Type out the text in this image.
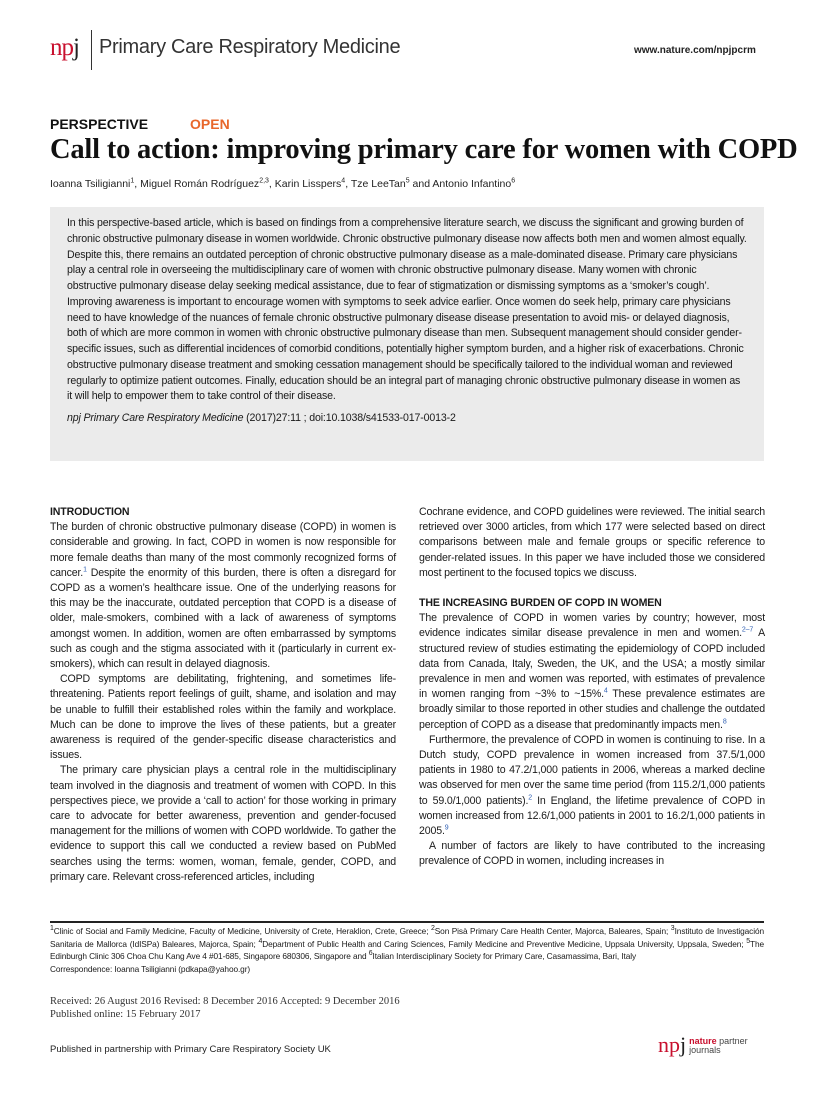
npj Primary Care Respiratory Medicine	www.nature.com/npjpcrm
PERSPECTIVE	OPEN
Call to action: improving primary care for women with COPD
Ioanna Tsiligianni$^1$, Miguel Román Rodríguez$^{2,3}$, Karin Lisspers$^4$, Tze LeeTan$^5$ and Antonio Infantino$^6$

In this perspective-based article, which is based on findings from a comprehensive literature search, we discuss the significant and growing burden of chronic obstructive pulmonary disease in women worldwide. Chronic obstructive pulmonary disease now affects both men and women almost equally. Despite this, there remains an outdated perception of chronic obstructive pulmonary disease as a male-dominated disease. Primary care physicians play a central role in overseeing the multidisciplinary care of women with chronic obstructive pulmonary disease. Many women with chronic obstructive pulmonary disease delay seeking medical assistance, due to fear of stigmatization or dismissing symptoms as a ‘smoker’s cough’. Improving awareness is important to encourage women with symptoms to seek advice earlier. Once women do seek help, primary care physicians need to have knowledge of the nuances of female chronic obstructive pulmonary disease disease presentation to avoid mis- or delayed diagnosis, both of which are more common in women with chronic obstructive pulmonary disease than men. Subsequent management should consider gender-specific issues, such as differential incidences of comorbid conditions, potentially higher symptom burden, and a higher risk of exacerbations. Chronic obstructive pulmonary disease treatment and smoking cessation management should be specifically tailored to the individual woman and reviewed regularly to optimize patient outcomes. Finally, education should be an integral part of managing chronic obstructive pulmonary disease in women as it will help to empower them to take control of their disease.

npj Primary Care Respiratory Medicine (2017)27:11 ; doi:10.1038/s41533-017-0013-2

INTRODUCTION

The burden of chronic obstructive pulmonary disease (COPD) in women is considerable and growing. In fact, COPD in women is now responsible for more female deaths than many of the most commonly recognized forms of cancer.$^1$ Despite the enormity of this burden, there is often a disregard for COPD as a women’s healthcare issue. One of the underlying reasons for this may be the inaccurate, outdated perception that COPD is a disease of older, male-smokers, combined with a lack of awareness of symptoms amongst women. In addition, women are often embarrassed by symptoms such as cough and the stigma associated with it (particularly in current ex-smokers), which can result in delayed diagnosis.

COPD symptoms are debilitating, frightening, and sometimes life-threatening. Patients report feelings of guilt, shame, and isolation and may be unable to fulfill their established roles within the family and workplace. Much can be done to improve the lives of these patients, but a greater awareness is required of the gender-specific disease characteristics and issues.

The primary care physician plays a central role in the multidisciplinary team involved in the diagnosis and treatment of women with COPD. In this perspectives piece, we provide a ‘call to action’ for those working in primary care to advocate for better awareness, prevention and gender-focused management for the millions of women with COPD worldwide. To gather the evidence to support this call we conducted a review based on PubMed searches using the terms: women, woman, female, gender, COPD, and primary care. Relevant cross-referenced articles, including

Cochrane evidence, and COPD guidelines were reviewed. The initial search retrieved over 3000 articles, from which 177 were selected based on direct comparisons between male and female groups or specific reference to gender-related issues. In this paper we have included those we considered most pertinent to the focused topics we discuss.

THE INCREASING BURDEN OF COPD IN WOMEN

The prevalence of COPD in women varies by country; however, most evidence indicates similar disease prevalence in men and women.$^{2-7}$ A structured review of studies estimating the epidemiology of COPD included data from Canada, Italy, Sweden, the UK, and the USA; a mostly similar prevalence in men and women was reported, with estimates of prevalence in women ranging from ~3% to ~15%.$^4$ These prevalence estimates are broadly similar to those reported in other studies and challenge the outdated perception of COPD as a disease that predominantly impacts men.$^8$

Furthermore, the prevalence of COPD in women is continuing to rise. In a Dutch study, COPD prevalence in women increased from 37.5/1,000 patients in 1980 to 47.2/1,000 patients in 2006, whereas a marked decline was observed for men over the same time period (from 115.2/1,000 patients to 59.0/1,000 patients).$^2$ In England, the lifetime prevalence of COPD in women increased from 12.6/1,000 patients in 2001 to 16.2/1,000 patients in 2005.$^9$

A number of factors are likely to have contributed to the increasing prevalence of COPD in women, including increases in

$^1$Clinic of Social and Family Medicine, Faculty of Medicine, University of Crete, Heraklion, Crete, Greece; $^2$Son Pisà Primary Care Health Center, Majorca, Baleares, Spain; $^3$Instituto de Investigación Sanitaria de Mallorca (IdISPa) Baleares, Majorca, Spain; $^4$Department of Public Health and Caring Sciences, Family Medicine and Preventive Medicine, Uppsala University, Uppsala, Sweden; $^5$The Edinburgh Clinic 306 Choa Chu Kang Ave 4 #01-685, Singapore 680306, Singapore and $^6$Italian Interdisciplinary Society for Primary Care, Casamassima, Bari, Italy
Correspondence: Ioanna Tsiligianni (pdkapa@yahoo.gr)
Received: 26 August 2016 Revised: 8 December 2016 Accepted: 9 December 2016
Published online: 15 February 2017
Published in partnership with Primary Care Respiratory Society UK	npj nature partner
journals
